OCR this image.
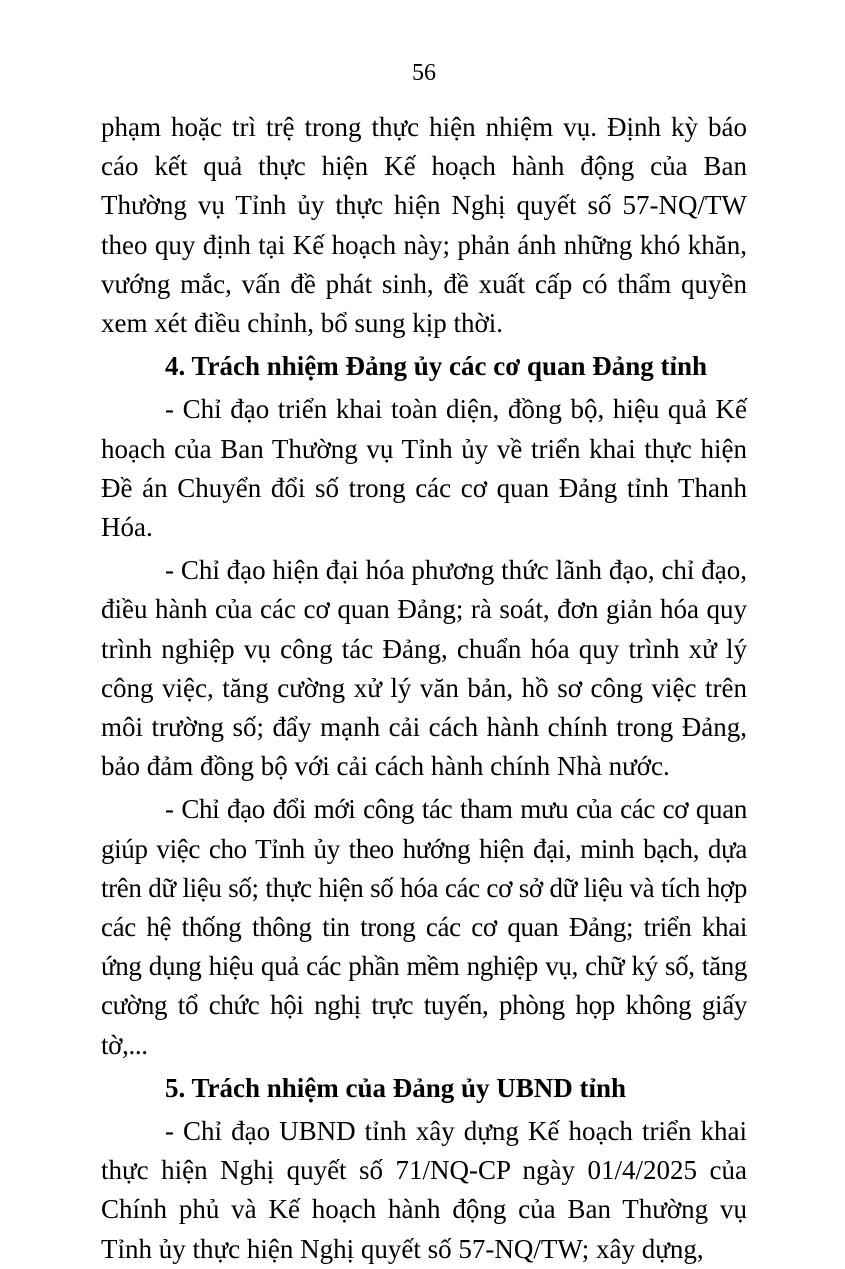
56

phạm hoặc trì trệ trong thực hiện nhiệm vụ. Định kỳ báo cáo kết quả thực hiện Kế hoạch hành động của Ban Thường vụ Tỉnh ủy thực hiện Nghị quyết số 57-NQ/TW theo quy định tại Kế hoạch này; phản ánh những khó khăn, vướng mắc, vấn đề phát sinh, đề xuất cấp có thẩm quyền xem xét điều chỉnh, bổ sung kịp thời.

4. Trách nhiệm Đảng ủy các cơ quan Đảng tỉnh

- Chỉ đạo triển khai toàn diện, đồng bộ, hiệu quả Kế hoạch của Ban Thường vụ Tỉnh ủy về triển khai thực hiện Đề án Chuyển đổi số trong các cơ quan Đảng tỉnh Thanh Hóa.

- Chỉ đạo hiện đại hóa phương thức lãnh đạo, chỉ đạo, điều hành của các cơ quan Đảng; rà soát, đơn giản hóa quy trình nghiệp vụ công tác Đảng, chuẩn hóa quy trình xử lý công việc, tăng cường xử lý văn bản, hồ sơ công việc trên môi trường số; đẩy mạnh cải cách hành chính trong Đảng, bảo đảm đồng bộ với cải cách hành chính Nhà nước.

- Chỉ đạo đổi mới công tác tham mưu của các cơ quan giúp việc cho Tỉnh ủy theo hướng hiện đại, minh bạch, dựa trên dữ liệu số; thực hiện số hóa các cơ sở dữ liệu và tích hợp các hệ thống thông tin trong các cơ quan Đảng; triển khai ứng dụng hiệu quả các phần mềm nghiệp vụ, chữ ký số, tăng cường tổ chức hội nghị trực tuyến, phòng họp không giấy tờ,...

5. Trách nhiệm của Đảng ủy UBND tỉnh

- Chỉ đạo UBND tỉnh xây dựng Kế hoạch triển khai thực hiện Nghị quyết số 71/NQ-CP ngày 01/4/2025 của Chính phủ và Kế hoạch hành động của Ban Thường vụ Tỉnh ủy thực hiện Nghị quyết số 57-NQ/TW; xây dựng,
